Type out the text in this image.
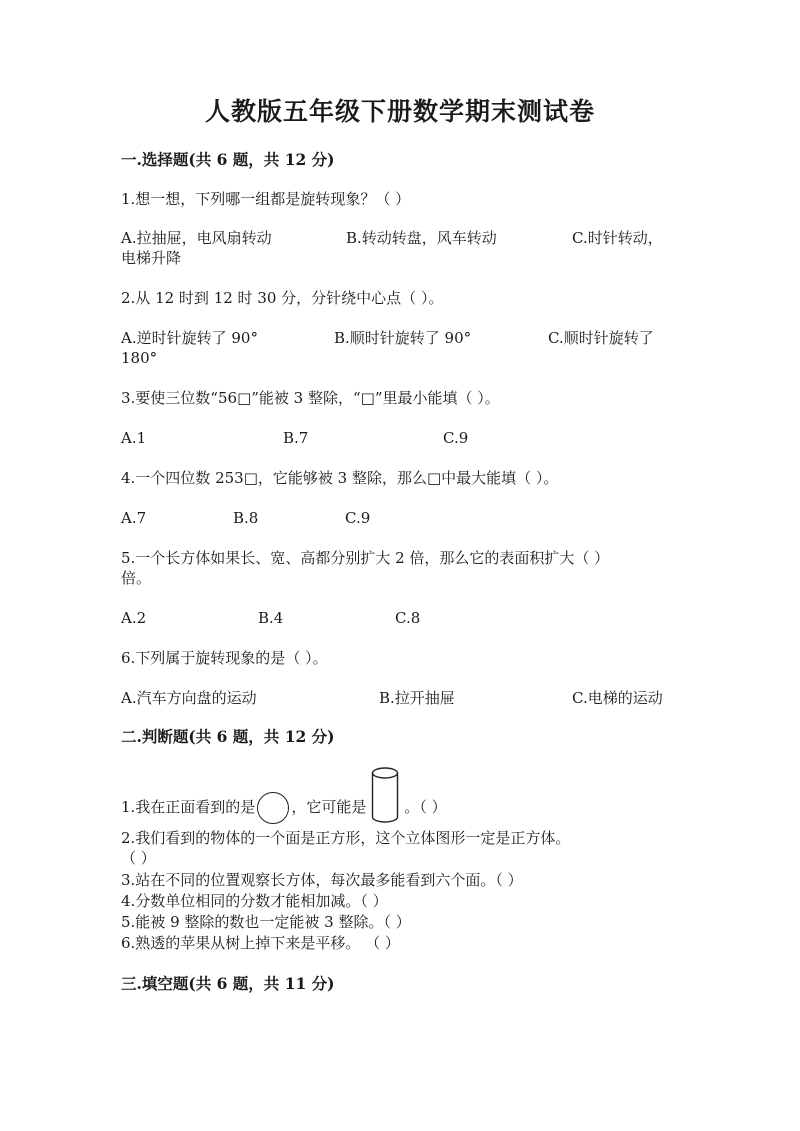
人教版五年级下册数学期末测试卷
一.选择题(共 6 题，共 12 分)
1.想一想，下列哪一组都是旋转现象？（ ）
A.拉抽屉，电风扇转动	B.转动转盘，风车转动	C.时针转动，
电梯升降
2.从 12 时到 12 时 30 分，分针绕中心点（ ）。
A.逆时针旋转了 90°	B.顺时针旋转了 90°	C.顺时针旋转了
180°
3.要使三位数“56□”能被 3 整除，“□”里最小能填（ ）。
A.1	B.7	C.9
4.一个四位数 253□，它能够被 3 整除，那么□中最大能填（ ）。
A.7	B.8	C.9
5.一个长方体如果长、宽、高都分别扩大 2 倍，那么它的表面积扩大（ ）
倍。
A.2	B.4	C.8
6.下列属于旋转现象的是（ ）。
A.汽车方向盘的运动	B.拉开抽屉	C.电梯的运动
二.判断题(共 6 题，共 12 分)
1.我在正面看到的是 ，它可能是	。（ ）
2.我们看到的物体的一个面是正方形，这个立体图形一定是正方体。
（ ）
3.站在不同的位置观察长方体，每次最多能看到六个面。（ ）
4.分数单位相同的分数才能相加减。（ ）
5.能被 9 整除的数也一定能被 3 整除。（ ）
6.熟透的苹果从树上掉下来是平移。 （ ）
三.填空题(共 6 题，共 11 分)
